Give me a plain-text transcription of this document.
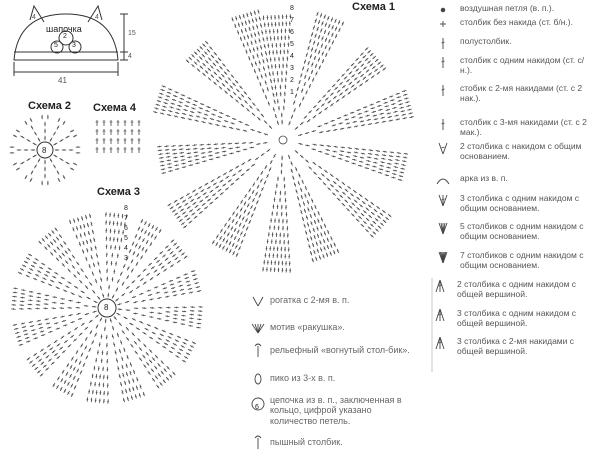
шапочка
41
15
4
4	4
2
5 3
Схема 1
Схема 2 Схема 4
Схема 3
8
8
8
7
6
5
4
3
2
1
8
7
6
5
4
3
воздушная петля (в. п.).
столбик без накида (ст. б/н.).
полустолбик.
столбик с одним накидом (ст. с/н.).
стобик с 2-мя накидами (ст. с 2 нак.).
столбик с 3-мя накидами (ст. с 2 мак.).
2 столбика с накидом с общим основанием.
арка из в. п.
3 столбика с одним накидом с общим основанием.
5 столбиков с одним накидом с общим основанием.
7 столбиков с одним накидом с общим основанием.
2 столбика с одним накидом с общей вершиной.
3 столбика с одним накидом с общей вершиной.
3 столбика с 2-мя накидами с общей вершиной.
рогатка с 2-мя в. п.
мотив «ракушка».
рельефный «вогнутый стол-бик».
пико из 3-х в. п.
цепочка из в. п., заключенная в кольцо, цифрой указано количество петель.
пышный столбик.
6
